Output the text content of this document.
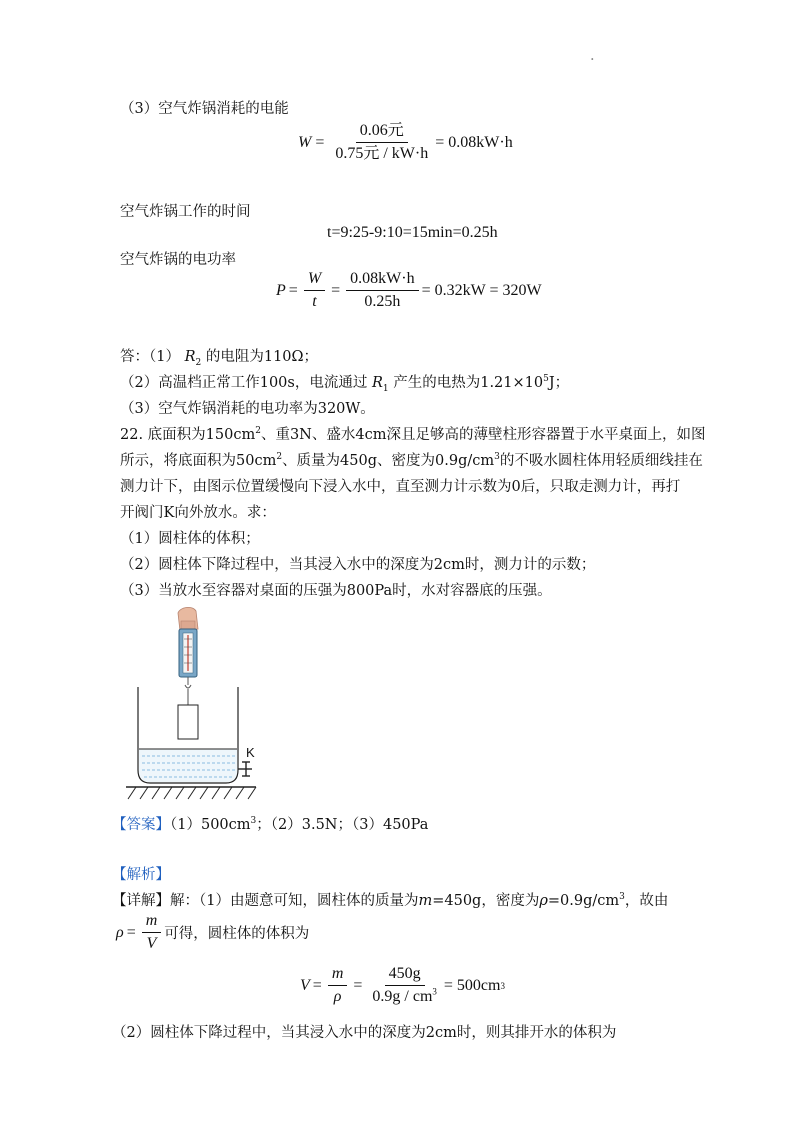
·
（3）空气炸锅消耗的电能
$W = \frac{\text{0.06元}}{\text{0.75元 / kW·h}} = 0.08kW\cdot h$
空气炸锅工作的时间
t=9:25-9:10=15min=0.25h
空气炸锅的电功率
$P = \frac{W}{t} = \frac{0.08kW\cdot h}{0.25h} = 0.32kW = 320W$
答：（1） $R_2$ 的电阻为110Ω；
（2）高温档正常工作100s，电流通过 $R_1$ 产生的电热为$1.21\times 10^5J$；
（3）空气炸锅消耗的电功率为320W。
22. 底面积为$150cm^2$、重3N、盛水4cm深且足够高的薄壁柱形容器置于水平桌面上，如图
所示，将底面积为$50cm^2$、质量为450g、密度为$0.9g/cm^3$的不吸水圆柱体用轻质细线挂在
测力计下，由图示位置缓慢向下浸入水中，直至测力计示数为0后，只取走测力计，再打
开阀门K向外放水。求：
（1）圆柱体的体积；
（2）圆柱体下降过程中，当其浸入水中的深度为2cm时，测力计的示数；
（3）当放水至容器对桌面的压强为800Pa时，水对容器底的压强。
K
【答案】$(1)500cm^3$；（2）3.5N；（3）450Pa
【解析】
【详解】解：（1）由题意可知，圆柱体的质量为m=450g，密度为$\rho=0.9g/cm^3$，故由
$\rho = \frac{m}{V}$ 可得，圆柱体的体积为
$V = \frac{m}{\rho} = \frac{450g}{0.9g / cm^3} = 500cm$ 3
（2）圆柱体下降过程中，当其浸入水中的深度为2cm时，则其排开水的体积为
